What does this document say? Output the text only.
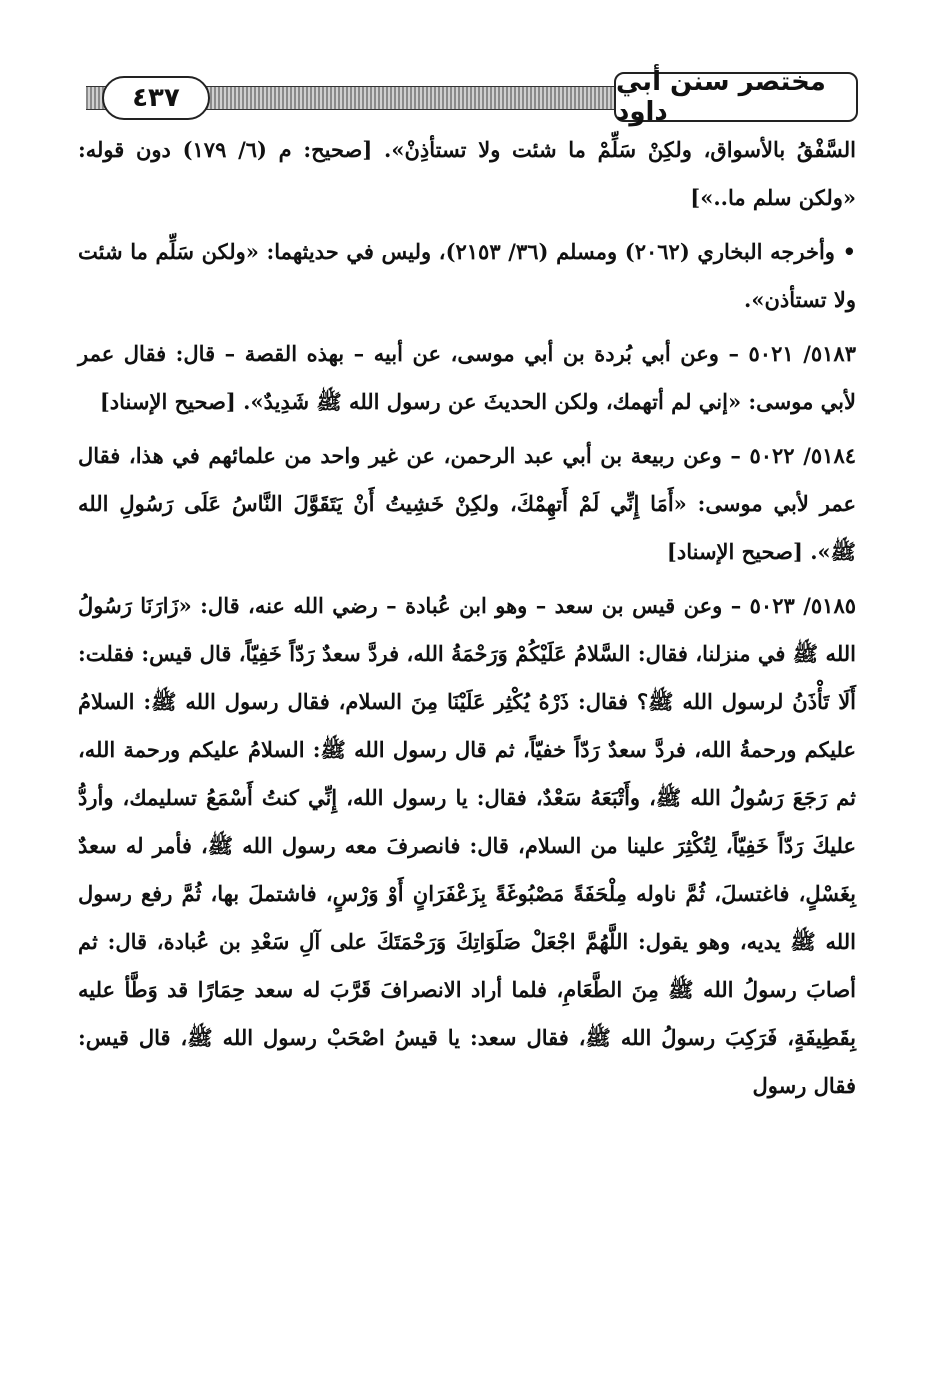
٤٣٧
مختصر سنن أبي داود

السَّفْقُ بالأسواق، ولكِنْ سَلِّمْ ما شئت ولا تستأذِنْ». [صحيح: م (٦/ ١٧٩) دون قوله: «ولكن سلم ما..»]

• وأخرجه البخاري (٢٠٦٢) ومسلم (٣٦/ ٢١٥٣)، وليس في حديثهما: «ولكن سَلِّم ما شئت ولا تستأذن».

٥١٨٣/ ٥٠٢١ – وعن أبي بُردة بن أبي موسى، عن أبيه – بهذه القصة – قال: فقال عمر لأبي موسى: «إني لم أتهمك، ولكن الحديثَ عن رسول الله ﷺ شَدِيدٌ». [صحيح الإسناد]

٥١٨٤/ ٥٠٢٢ – وعن ربيعة بن أبي عبد الرحمن، عن غير واحد من علمائهم في هذا، فقال عمر لأبي موسى: «أَمَا إِنِّي لَمْ أَتهِمْكَ، ولكِنْ خَشِيتُ أَنْ يَتَقَوَّلَ النَّاسُ عَلَى رَسُولِ الله ﷺ». [صحيح الإسناد]

٥١٨٥/ ٥٠٢٣ – وعن قيس بن سعد – وهو ابن عُبادة – رضي الله عنه، قال: «زَارَنَا رَسُولُ الله ﷺ في منزلنا، فقال: السَّلامُ عَلَيْكُمْ وَرَحْمَةُ الله، فردَّ سعدٌ رَدّاً خَفِيّاً، قال قيس: فقلت: أَلَا تَأْذَنُ لرسول الله ﷺ؟ فقال: ذَرْهُ يُكْثِر عَلَيْنَا مِنَ السلام، فقال رسول الله ﷺ: السلامُ عليكم ورحمةُ الله، فردَّ سعدٌ رَدّاً خفيّاً، ثم قال رسول الله ﷺ: السلامُ عليكم ورحمة الله، ثم رَجَعَ رَسُولُ الله ﷺ، وأَتْبَعَهُ سَعْدٌ، فقال: يا رسول الله، إِنِّي كنتُ أَسْمَعُ تسليمك، وأردُّ عليكَ رَدّاً خَفِيّاً، لِتُكْثِرَ علينا من السلام، قال: فانصرفَ معه رسول الله ﷺ، فأمر له سعدٌ بِغَسْلٍ، فاغتسلَ، ثُمَّ ناوله مِلْحَفَةً مَصْبُوغَةً بِزَعْفَرَانٍ أَوْ وَرْسٍ، فاشتملَ بها، ثُمَّ رفع رسول الله ﷺ يديه، وهو يقول: اللَّهُمَّ اجْعَلْ صَلَوَاتِكَ وَرَحْمَتَكَ على آلِ سَعْدِ بن عُبادة، قال: ثم أصابَ رسولُ الله ﷺ مِنَ الطَّعَامِ، فلما أراد الانصرافَ قَرَّبَ له سعد حِمَارًا قد وَطَّأ عليه بِقَطِيفَةٍ، فَرَكِبَ رسولُ الله ﷺ، فقال سعد: يا قيسُ اصْحَبْ رسول الله ﷺ، قال قيس: فقال رسول
